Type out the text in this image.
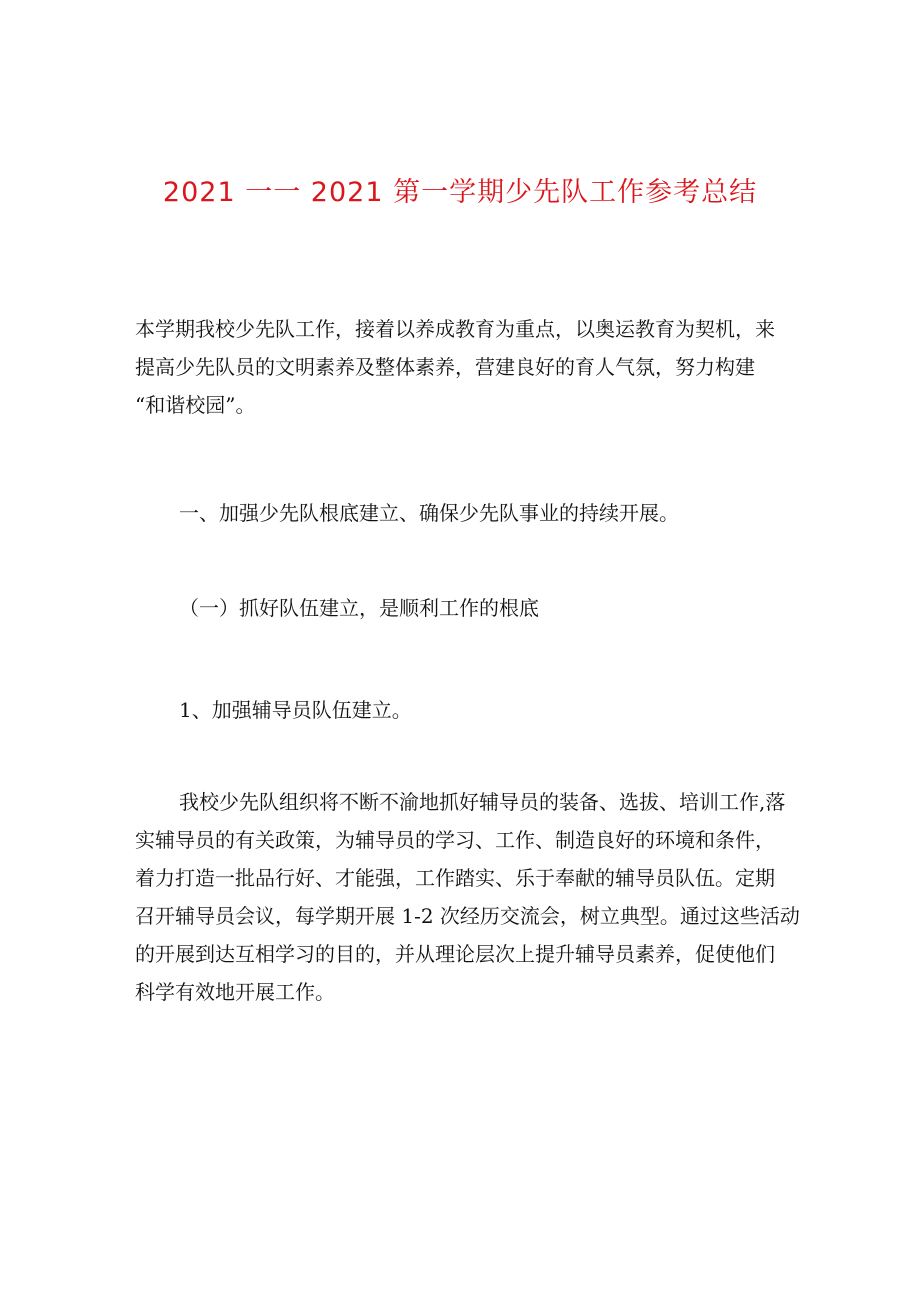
2021 一一 2021 第一学期少先队工作参考总结
本学期我校少先队工作，接着以养成教育为重点，以奥运教育为契机，来
提高少先队员的文明素养及整体素养，营建良好的育人气氛，努力构建
“和谐校园”。
一、加强少先队根底建立、确保少先队事业的持续开展。
（一）抓好队伍建立，是顺利工作的根底
1、加强辅导员队伍建立。
我校少先队组织将不断不渝地抓好辅导员的装备、选拔、培训工作,落
实辅导员的有关政策，为辅导员的学习、工作、制造良好的环境和条件，
着力打造一批品行好、才能强，工作踏实、乐于奉献的辅导员队伍。定期
召开辅导员会议，每学期开展 1-2 次经历交流会，树立典型。通过这些活动
的开展到达互相学习的目的，并从理论层次上提升辅导员素养，促使他们
科学有效地开展工作。
